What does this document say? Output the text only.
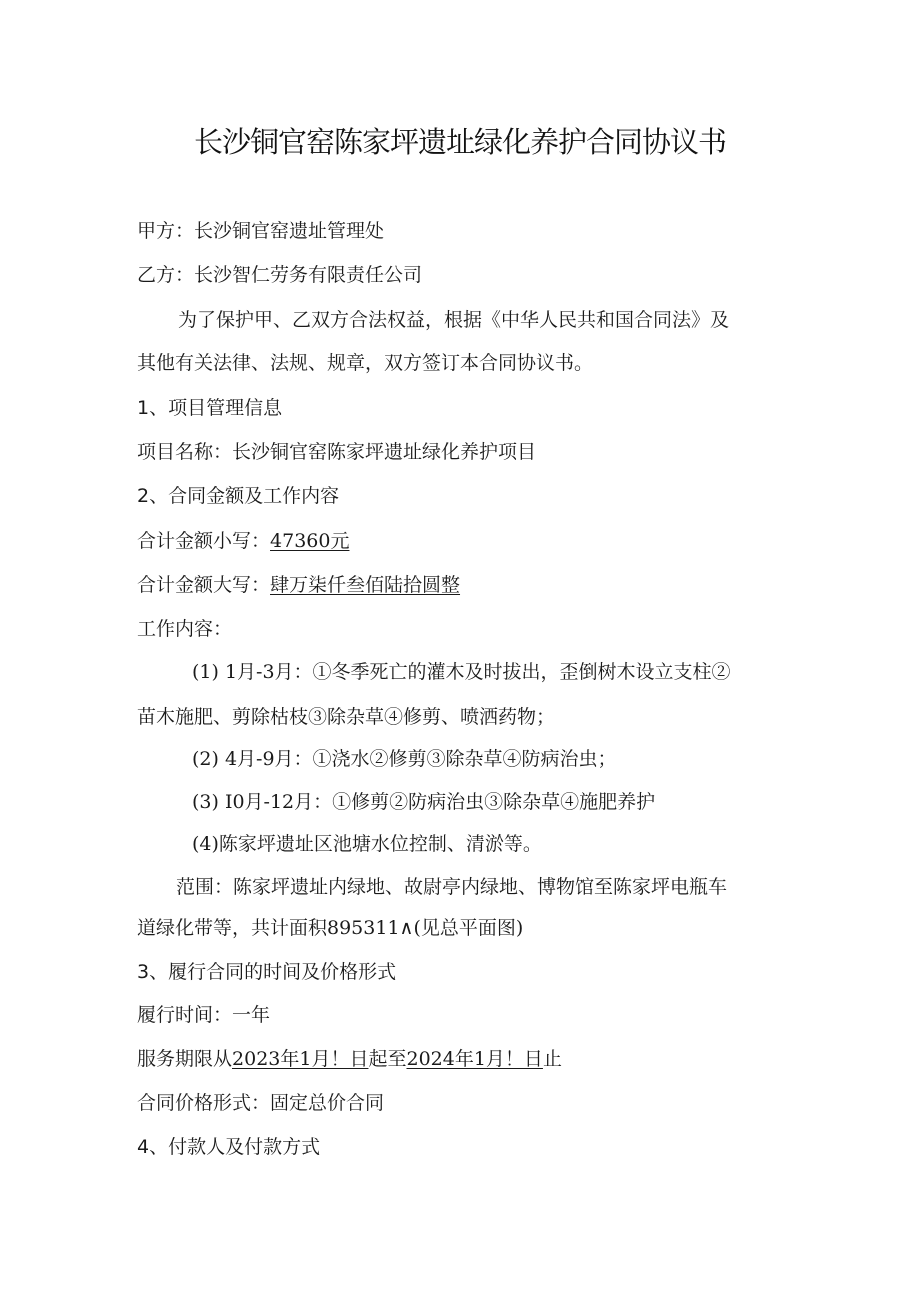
长沙铜官窑陈家坪遗址绿化养护合同协议书
甲方：长沙铜官窑遗址管理处
乙方：长沙智仁劳务有限责任公司
为了保护甲、乙双方合法权益，根据《中华人民共和国合同法》及
其他有关法律、法规、规章，双方签订本合同协议书。
1、项目管理信息
项目名称：长沙铜官窑陈家坪遗址绿化养护项目
2、合同金额及工作内容
合计金额小写：47360元
合计金额大写：肆万柒仟叁佰陆拾圆整
工作内容：
(1) 1月-3月：①冬季死亡的灌木及时拔出，歪倒树木设立支柱②
苗木施肥、剪除枯枝③除杂草④修剪、喷洒药物；
(2) 4月-9月：①浇水②修剪③除杂草④防病治虫；
(3) I0月-12月：①修剪②防病治虫③除杂草④施肥养护
(4)陈家坪遗址区池塘水位控制、清淤等。
范围：陈家坪遗址内绿地、故尉亭内绿地、博物馆至陈家坪电瓶车
道绿化带等，共计面积895311∧(见总平面图)
3、履行合同的时间及价格形式
履行时间：一年
服务期限从2023年1月！日起至2024年1月！日止
合同价格形式：固定总价合同
4、付款人及付款方式
